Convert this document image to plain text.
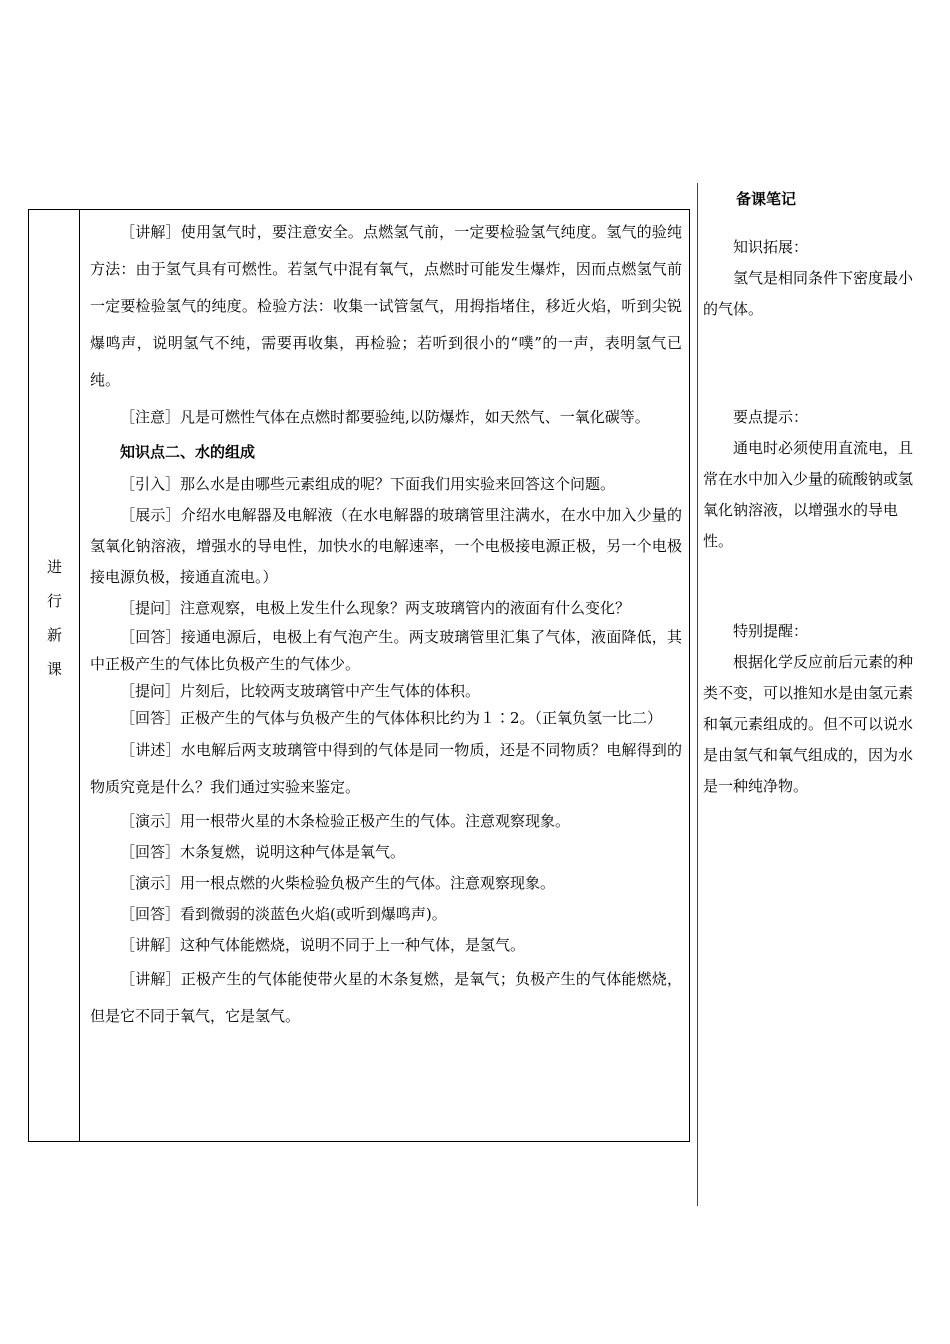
进
行
新
课

［讲解］使用氢气时，要注意安全。点燃氢气前，一定要检验氢气纯度。氢气的验纯方法：由于氢气具有可燃性。若氢气中混有氧气，点燃时可能发生爆炸，因而点燃氢气前一定要检验氢气的纯度。检验方法：收集一试管氢气，用拇指堵住，移近火焰，听到尖锐爆鸣声，说明氢气不纯，需要再收集，再检验；若听到很小的“噗”的一声，表明氢气已纯。

［注意］凡是可燃性气体在点燃时都要验纯,以防爆炸，如天然气、一氧化碳等。

知识点二、水的组成

［引入］那么水是由哪些元素组成的呢？下面我们用实验来回答这个问题。

［展示］介绍水电解器及电解液（在水电解器的玻璃管里注满水，在水中加入少量的氢氧化钠溶液，增强水的导电性，加快水的电解速率，一个电极接电源正极，另一个电极接电源负极，接通直流电。）

［提问］注意观察，电极上发生什么现象？两支玻璃管内的液面有什么变化？

［回答］接通电源后，电极上有气泡产生。两支玻璃管里汇集了气体，液面降低，其中正极产生的气体比负极产生的气体少。

［提问］片刻后，比较两支玻璃管中产生气体的体积。

［回答］正极产生的气体与负极产生的气体体积比约为１∶2。（正氧负氢一比二）

［讲述］水电解后两支玻璃管中得到的气体是同一物质，还是不同物质？电解得到的物质究竟是什么？我们通过实验来鉴定。

［演示］用一根带火星的木条检验正极产生的气体。注意观察现象。

［回答］木条复燃，说明这种气体是氧气。

［演示］用一根点燃的火柴检验负极产生的气体。注意观察现象。

［回答］看到微弱的淡蓝色火焰(或听到爆鸣声)。

［讲解］这种气体能燃烧，说明不同于上一种气体，是氢气。

［讲解］正极产生的气体能使带火星的木条复燃，是氧气；负极产生的气体能燃烧，但是它不同于氧气，它是氢气。

备课笔记

知识拓展：

氢气是相同条件下密度最小的气体。

要点提示：

通电时必须使用直流电，且常在水中加入少量的硫酸钠或氢氧化钠溶液，以增强水的导电性。

特别提醒：

根据化学反应前后元素的种类不变，可以推知水是由氢元素和氧元素组成的。但不可以说水是由氢气和氧气组成的，因为水是一种纯净物。
